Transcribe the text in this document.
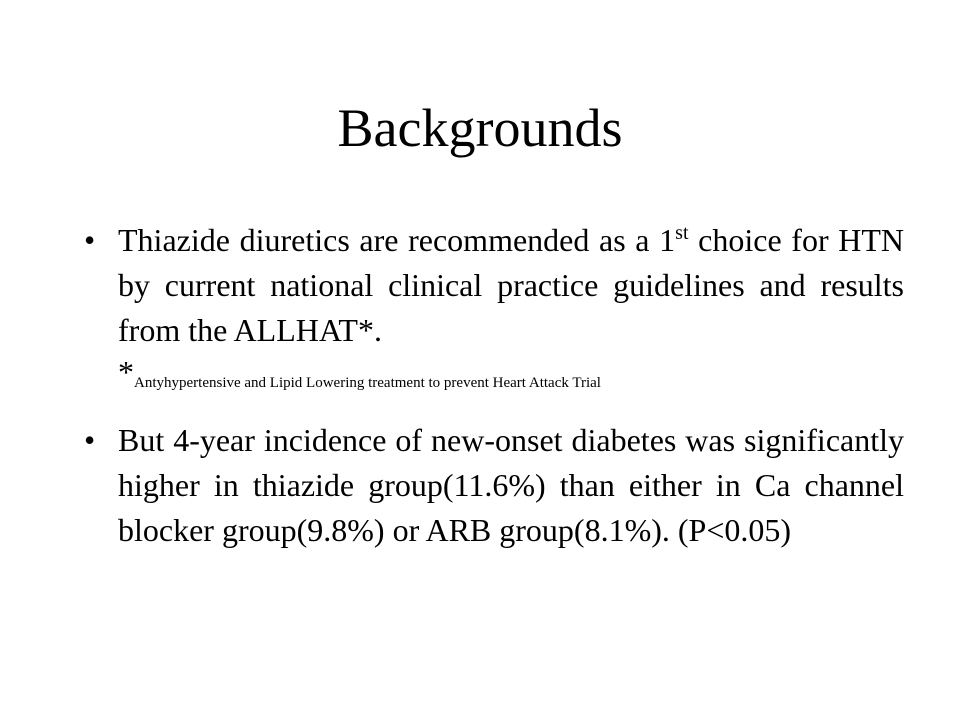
Backgrounds
• Thiazide diuretics are recommended as a 1st choice for HTN by current national clinical practice guidelines and results from the ALLHAT*.
*Antyhypertensive and Lipid Lowering treatment to prevent Heart Attack Trial
• But 4-year incidence of new-onset diabetes was significantly higher in thiazide group(11.6%) than either in Ca channel blocker group(9.8%) or ARB group(8.1%). (P<0.05)
